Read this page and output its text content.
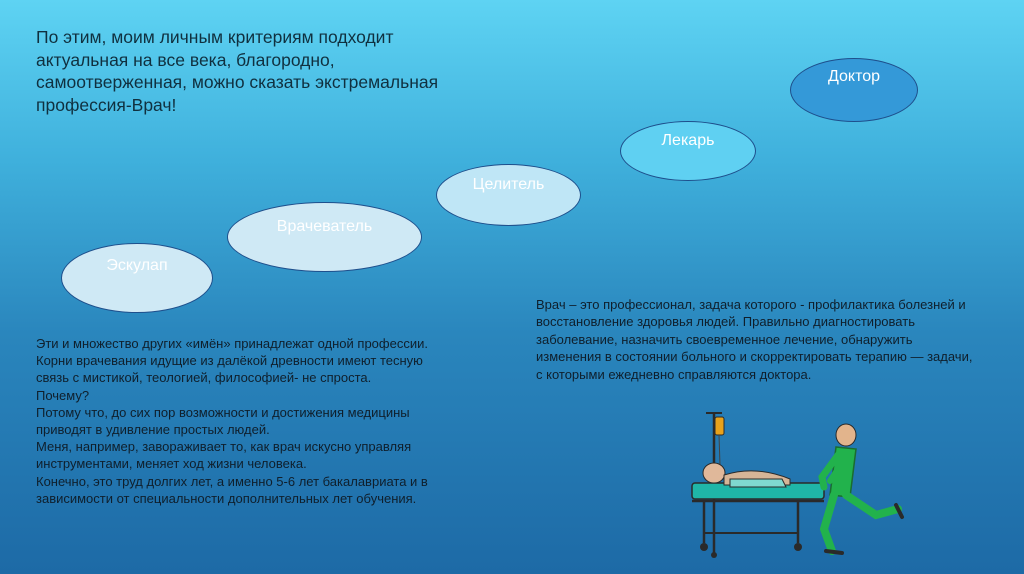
По этим, моим личным критериям подходит
актуальная на все века, благородно,
самоотверженная, можно сказать экстремальная
профессия-Врач!
Эскулап
Врачеватель
Целитель
Лекарь
Доктор

Эти и множество других «имён» принадлежат одной профессии.

Корни врачевания идущие из далёкой древности имеют тесную связь с мистикой, теологией, философией- не спроста.

Почему?

Потому что, до сих пор возможности и достижения медицины приводят в удивление простых людей.

Меня, например, завораживает то, как врач искусно управляя инструментами, меняет ход жизни человека.

Конечно, это труд долгих лет, а именно 5-6 лет бакалавриата и в зависимости от специальности дополнительных лет обучения.

Врач – это профессионал, задача которого - профилактика болезней и восстановление здоровья людей. Правильно диагностировать заболевание, назначить своевременное лечение, обнаружить изменения в состоянии больного и скорректировать терапию — задачи, с которыми ежедневно справляются доктора.
